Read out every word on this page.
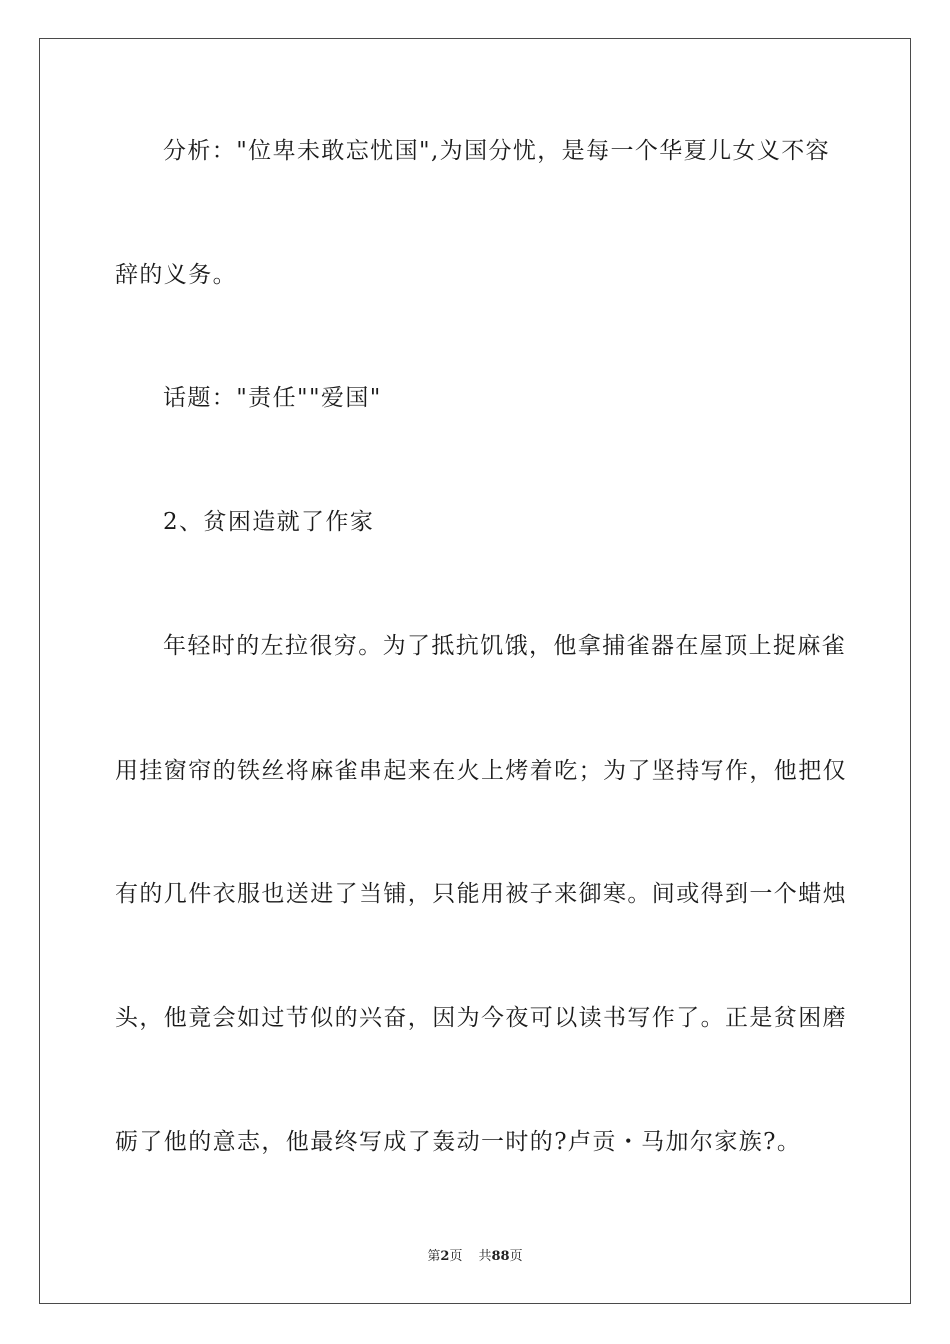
分析："位卑未敢忘忧国",为国分忧，是每一个华夏儿女义不容
辞的义务。
话题："责任""爱国"
2、贫困造就了作家
年轻时的左拉很穷。为了抵抗饥饿，他拿捕雀器在屋顶上捉麻雀
用挂窗帘的铁丝将麻雀串起来在火上烤着吃；为了坚持写作，他把仅
有的几件衣服也送进了当铺，只能用被子来御寒。间或得到一个蜡烛
头，他竟会如过节似的兴奋，因为今夜可以读书写作了。正是贫困磨
砺了他的意志，他最终写成了轰动一时的?卢贡・马加尔家族?。
第2页 共88页
